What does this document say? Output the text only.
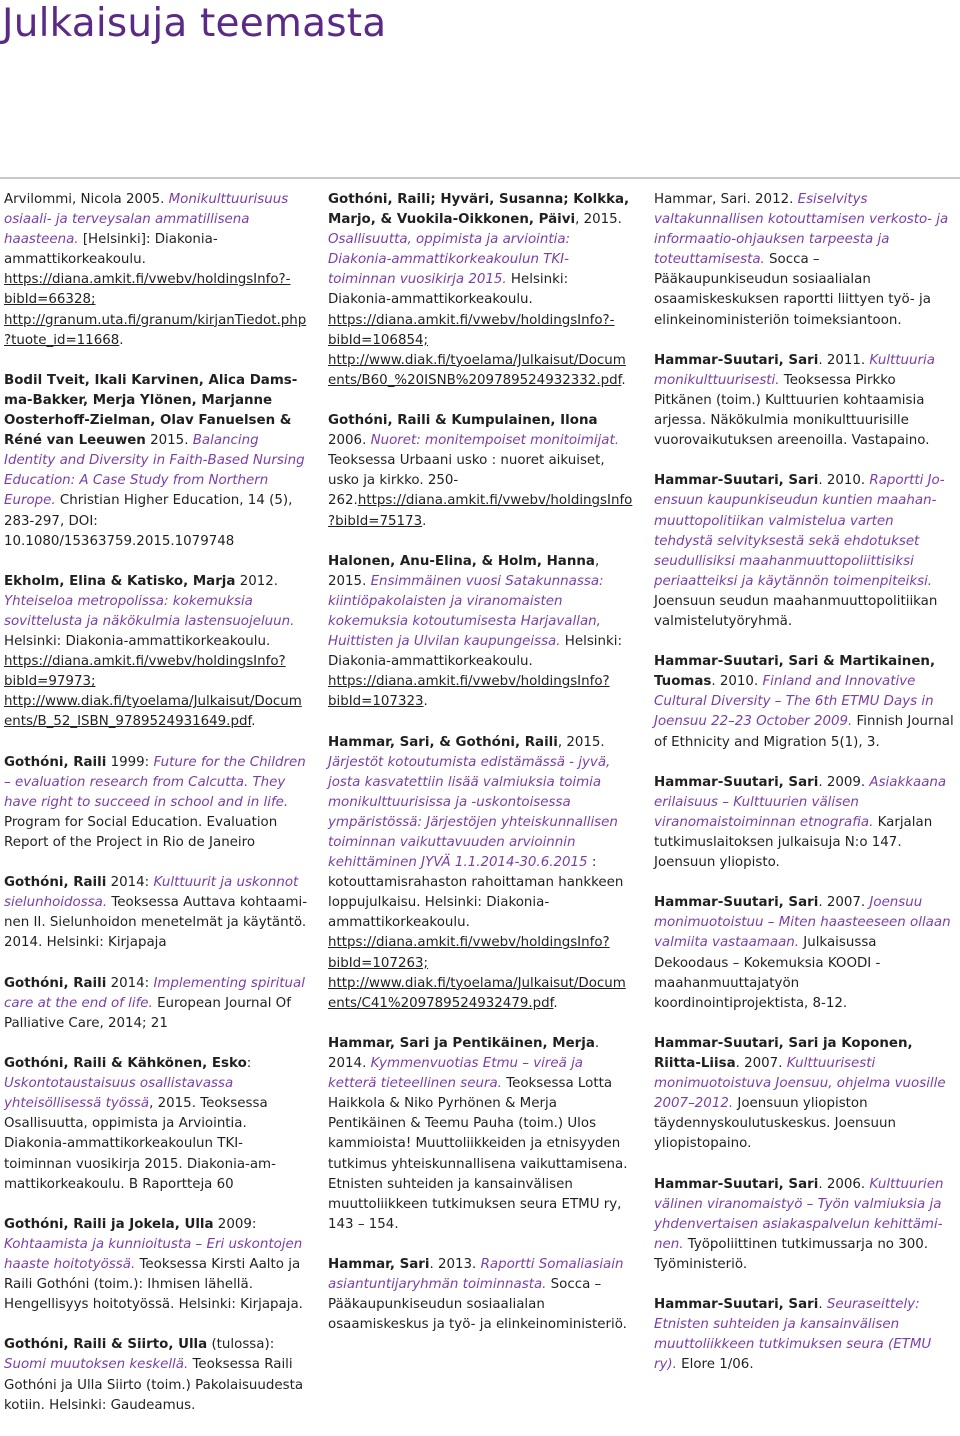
Julkaisuja teemasta

Arvilommi, Nicola 2005. Monikulttuurisuus osiaali- ja terveysalan ammatillisena haasteena. [Helsinki]: Diakonia-ammattikorkeakoulu. https://diana.amkit.fi/vwebv/holdingsInfo?-bibId=66328; http://granum.uta.fi/granum/kirjanTiedot.php?tuote_id=11668.

Bodil Tveit, Ikali Karvinen, Alica Damsma-Bakker, Merja Ylönen, Marjanne Oosterhoff-Zielman, Olav Fanuelsen & Réné van Leeuwen 2015. Balancing Identity and Diversity in Faith-Based Nursing Education: A Case Study from Northern Europe. Christian Higher Education, 14 (5), 283-297, DOI: 10.1080/15363759.2015.1079748

Ekholm, Elina & Katisko, Marja 2012. Yhteiseloa metropolissa: kokemuksia sovittelusta ja näkökulmia lastensuojeluun. Helsinki: Diakonia-ammattikorkeakoulu. https://diana.amkit.fi/vwebv/holdingsInfo?bibId=97973; http://www.diak.fi/tyoelama/Julkaisut/Documents/B_52_ISBN_9789524931649.pdf.

Gothóni, Raili 1999: Future for the Children – evaluation research from Calcutta. They have right to succeed in school and in life. Program for Social Education. Evaluation Report of the Project in Rio de Janeiro

Gothóni, Raili 2014: Kulttuurit ja uskonnot sielunhoidossa. Teoksessa Auttava kohtaaminen II. Sielunhoidon menetelmät ja käytäntö. 2014. Helsinki: Kirjapaja

Gothóni, Raili 2014: Implementing spiritual care at the end of life. European Journal Of Palliative Care, 2014; 21

Gothóni, Raili & Kähkönen, Esko: Uskontotaustaisuus osallistavassa yhteisöllisessä työssä, 2015. Teoksessa Osallisuutta, oppimista ja Arviointia. Diakonia-ammattikorkeakoulun TKI-toiminnan vuosikirja 2015. Diakonia-ammattikorkeakoulu. B Raportteja 60

Gothóni, Raili ja Jokela, Ulla 2009: Kohtaamista ja kunnioitusta – Eri uskontojen haaste hoitotyössä. Teoksessa Kirsti Aalto ja Raili Gothóni (toim.): Ihmisen lähellä. Hengellisyys hoitotyössä. Helsinki: Kirjapaja.

Gothóni, Raili & Siirto, Ulla (tulossa): Suomi muutoksen keskellä. Teoksessa Raili Gothóni ja Ulla Siirto (toim.) Pakolaisuudesta kotiin. Helsinki: Gaudeamus.

Gothóni, Raili; Hyväri, Susanna; Kolkka, Marjo, & Vuokila-Oikkonen, Päivi, 2015. Osallisuutta, oppimista ja arviointia: Diakonia-ammattikorkeakoulun TKI-toiminnan vuosikirja 2015. Helsinki: Diakonia-ammattikorkeakoulu. https://diana.amkit.fi/vwebv/holdingsInfo?-bibId=106854; http://www.diak.fi/tyoelama/Julkaisut/Documents/B60_%20ISNB%209789524932332.pdf.

Gothóni, Raili & Kumpulainen, Ilona 2006. Nuoret: monitempoiset monitoimijat. Teoksessa Urbaani usko : nuoret aikuiset, usko ja kirkko. 250-262.https://diana.amkit.fi/vwebv/holdingsInfo?bibId=75173.

Halonen, Anu-Elina, & Holm, Hanna, 2015. Ensimmäinen vuosi Satakunnassa: kiintiöpakolaisten ja viranomaisten kokemuksia kotoutumisesta Harjavallan, Huittisten ja Ulvilan kaupungeissa. Helsinki: Diakonia-ammattikorkeakoulu. https://diana.amkit.fi/vwebv/holdingsInfo?bibId=107323.

Hammar, Sari, & Gothóni, Raili, 2015. Järjestöt kotoutumista edistämässä - jyvä, josta kasvatettiin lisää valmiuksia toimia monikulttuurisissa ja -uskontoisessa ympäristössä: Järjestöjen yhteiskunnallisen toiminnan vaikuttavuuden arvioinnin kehittäminen JYVÄ 1.1.2014-30.6.2015 : kotouttamisrahaston rahoittaman hankkeen loppujulkaisu. Helsinki: Diakonia-ammattikorkeakoulu. https://diana.amkit.fi/vwebv/holdingsInfo?bibId=107263; http://www.diak.fi/tyoelama/Julkaisut/Documents/C41%209789524932479.pdf.

Hammar, Sari ja Pentikäinen, Merja. 2014. Kymmenvuotias Etmu – vireä ja ketterä tieteellinen seura. Teoksessa Lotta Haikkola & Niko Pyrhönen & Merja Pentikäinen & Teemu Pauha (toim.) Ulos kammioista! Muuttoliikkeiden ja etnisyyden tutkimus yhteiskunnallisena vaikuttamisena. Etnisten suhteiden ja kansainvälisen muuttoliikkeen tutkimuksen seura ETMU ry, 143 – 154.

Hammar, Sari. 2013. Raportti Somaliasiain asiantuntijaryhmän toiminnasta. Socca – Pääkaupunkiseudun sosiaalialan osaamiskeskus ja työ- ja elinkeinoministeriö.

Hammar, Sari. 2012. Esiselvitys valtakunnallisen kotouttamisen verkosto- ja informaatio-ohjauksen tarpeesta ja toteuttamisesta. Socca – Pääkaupunkiseudun sosiaalialan osaamiskeskuksen raportti liittyen työ- ja elinkeinoministeriön toimeksiantoon.

Hammar-Suutari, Sari. 2011. Kulttuuria monikulttuurisesti. Teoksessa Pirkko Pitkänen (toim.) Kulttuurien kohtaamisia arjessa. Näkökulmia monikulttuurisille vuorovaikutuksen areenoilla. Vastapaino.

Hammar-Suutari, Sari. 2010. Raportti Joensuun kaupunkiseudun kuntien maahanmuuttopolitiikan valmistelua varten tehdystä selvityksestä sekä ehdotukset seudullisiksi maahanmuuttopoliittisiksi periaatteiksi ja käytännön toimenpiteiksi. Joensuun seudun maahanmuuttopolitiikan valmistelutyöryhmä.

Hammar-Suutari, Sari & Martikainen, Tuomas. 2010. Finland and Innovative Cultural Diversity – The 6th ETMU Days in Joensuu 22–23 October 2009. Finnish Journal of Ethnicity and Migration 5(1), 3.

Hammar-Suutari, Sari. 2009. Asiakkaana erilaisuus – Kulttuurien välisen viranomaistoiminnan etnografia. Karjalan tutkimuslaitoksen julkaisuja N:o 147. Joensuun yliopisto.

Hammar-Suutari, Sari. 2007. Joensuu monimuotoistuu – Miten haasteeseen ollaan valmiita vastaamaan. Julkaisussa Dekoodaus – Kokemuksia KOODI -maahanmuuttajatyön koordinointiprojektista, 8-12.

Hammar-Suutari, Sari ja Koponen, Riitta-Liisa. 2007. Kulttuurisesti monimuotoistuva Joensuu, ohjelma vuosille 2007–2012. Joensuun yliopiston täydennyskoulutuskeskus. Joensuun yliopistopaino.

Hammar-Suutari, Sari. 2006. Kulttuurien välinen viranomaistyö – Työn valmiuksia ja yhdenvertaisen asiakaspalvelun kehittäminen. Työpoliittinen tutkimussarja no 300. Työministeriö.

Hammar-Suutari, Sari. Seuraseittely: Etnisten suhteiden ja kansainvälisen muuttoliikkeen tutkimuksen seura (ETMU ry). Elore 1/06.
